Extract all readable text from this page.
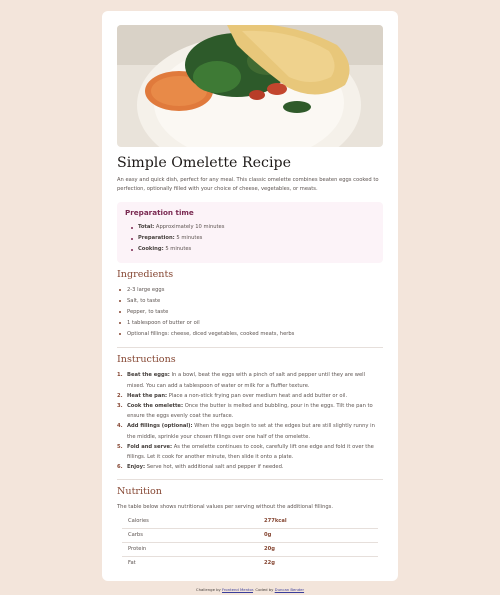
Simple Omelette Recipe

An easy and quick dish, perfect for any meal. This classic omelette combines beaten eggs cooked to perfection, optionally filled with your choice of cheese, vegetables, or meats.

Preparation time
Total: Approximately 10 minutes
Preparation: 5 minutes
Cooking: 5 minutes
Ingredients
2-3 large eggs
Salt, to taste
Pepper, to taste
1 tablespoon of butter or oil
Optional fillings: cheese, diced vegetables, cooked meats, herbs
Instructions
1. Beat the eggs: In a bowl, beat the eggs with a pinch of salt and pepper until they are well mixed. You can add a tablespoon of water or milk for a fluffier texture.
2. Heat the pan: Place a non-stick frying pan over medium heat and add butter or oil.
3. Cook the omelette: Once the butter is melted and bubbling, pour in the eggs. Tilt the pan to ensure the eggs evenly coat the surface.
4. Add fillings (optional): When the eggs begin to set at the edges but are still slightly runny in the middle, sprinkle your chosen fillings over one half of the omelette.
5. Fold and serve: As the omelette continues to cook, carefully lift one edge and fold it over the fillings. Let it cook for another minute, then slide it onto a plate.
6. Enjoy: Serve hot, with additional salt and pepper if needed.
Nutrition

The table below shows nutritional values per serving without the additional fillings.

Calories	277kcal
Carbs	0g
Protein	20g
Fat	22g
Challenge by Frontend Mentor. Coded by Duncan Bender
